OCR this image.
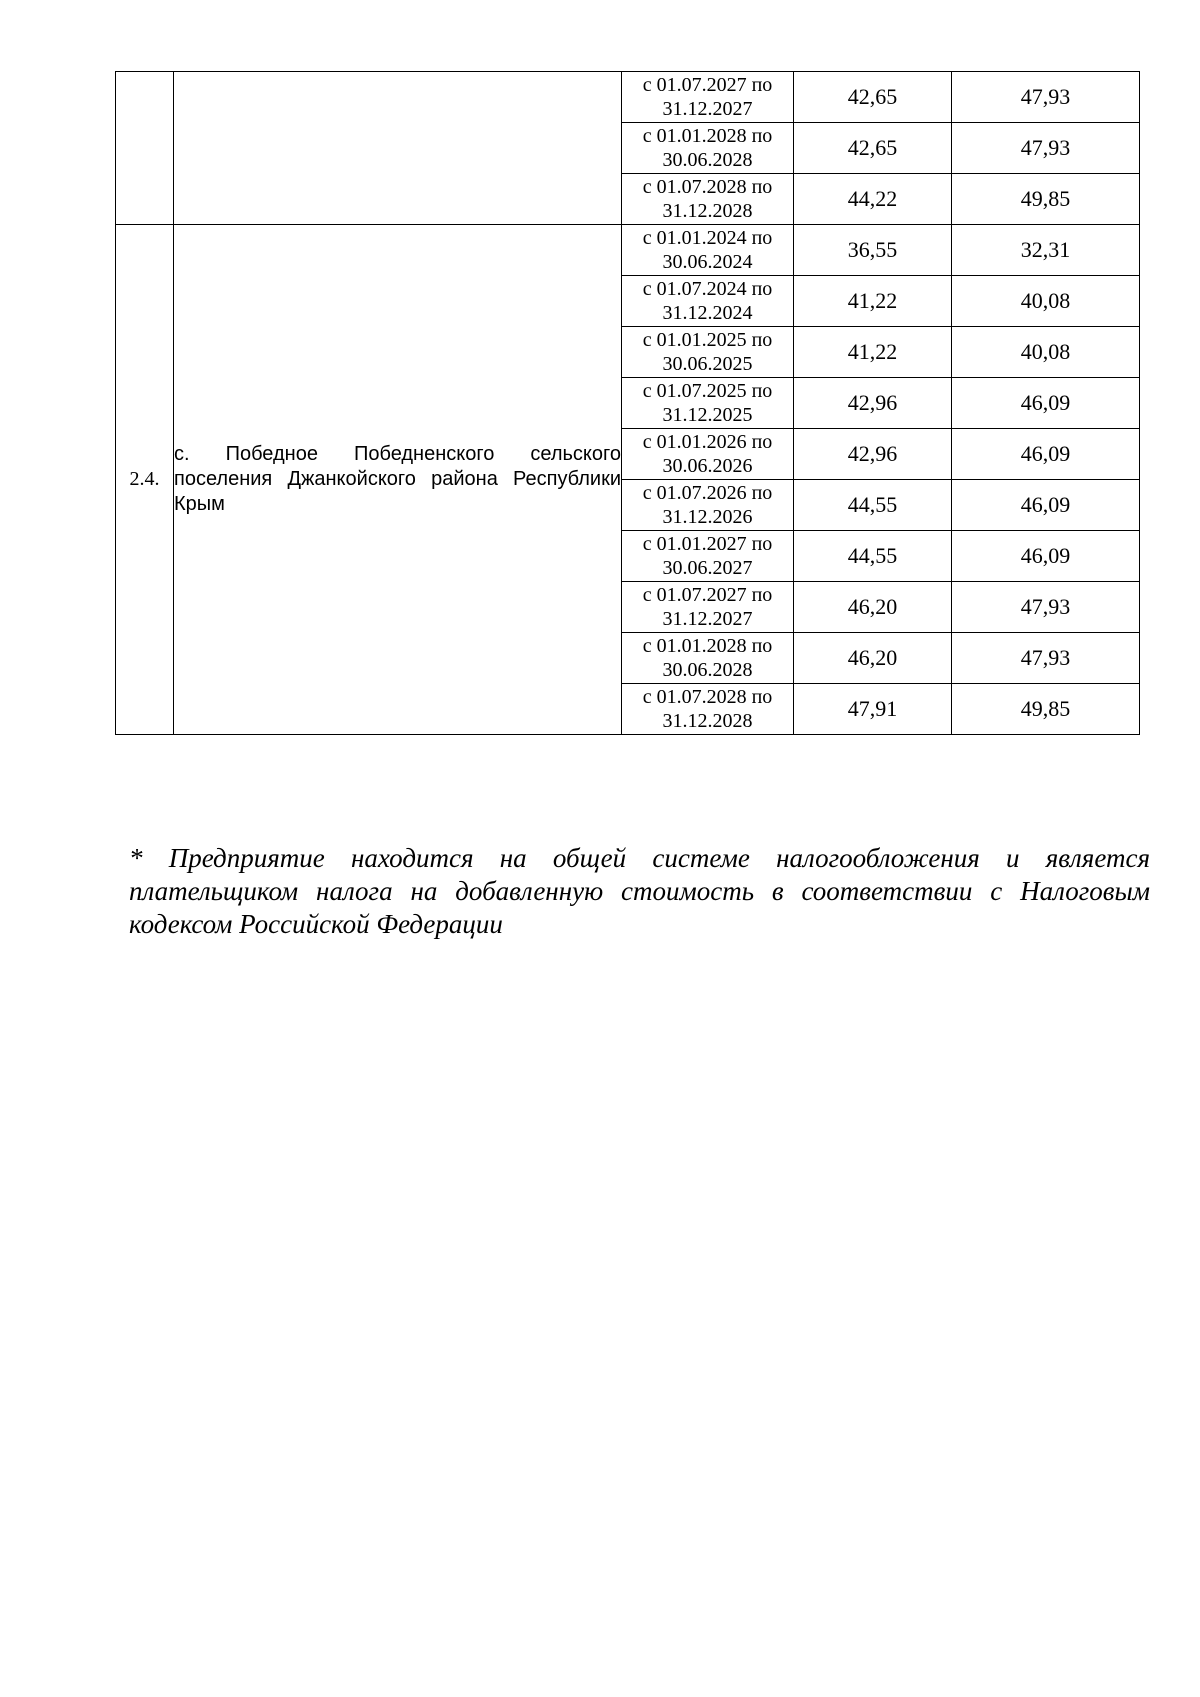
		с 01.07.2027 по
31.12.2027	42,65	47,93

		с 01.01.2028 по
30.06.2028	42,65	47,93

		с 01.07.2028 по
31.12.2028	44,22	49,85
2.4.	с. Победное Победненского сельского поселения Джанкойского района Республики Крым	с 01.01.2024 по
30.06.2024	36,55	32,31

		с 01.07.2024 по
31.12.2024	41,22	40,08

		с 01.01.2025 по
30.06.2025	41,22	40,08

		с 01.07.2025 по
31.12.2025	42,96	46,09

		с 01.01.2026 по
30.06.2026	42,96	46,09

		с 01.07.2026 по
31.12.2026	44,55	46,09

		с 01.01.2027 по
30.06.2027	44,55	46,09

		с 01.07.2027 по
31.12.2027	46,20	47,93

		с 01.01.2028 по
30.06.2028	46,20	47,93

		с 01.07.2028 по
31.12.2028	47,91	49,85

* Предприятие находится на общей системе налогообложения и является плательщиком налога на добавленную стоимость в соответствии с Налоговым кодексом Российской Федерации
